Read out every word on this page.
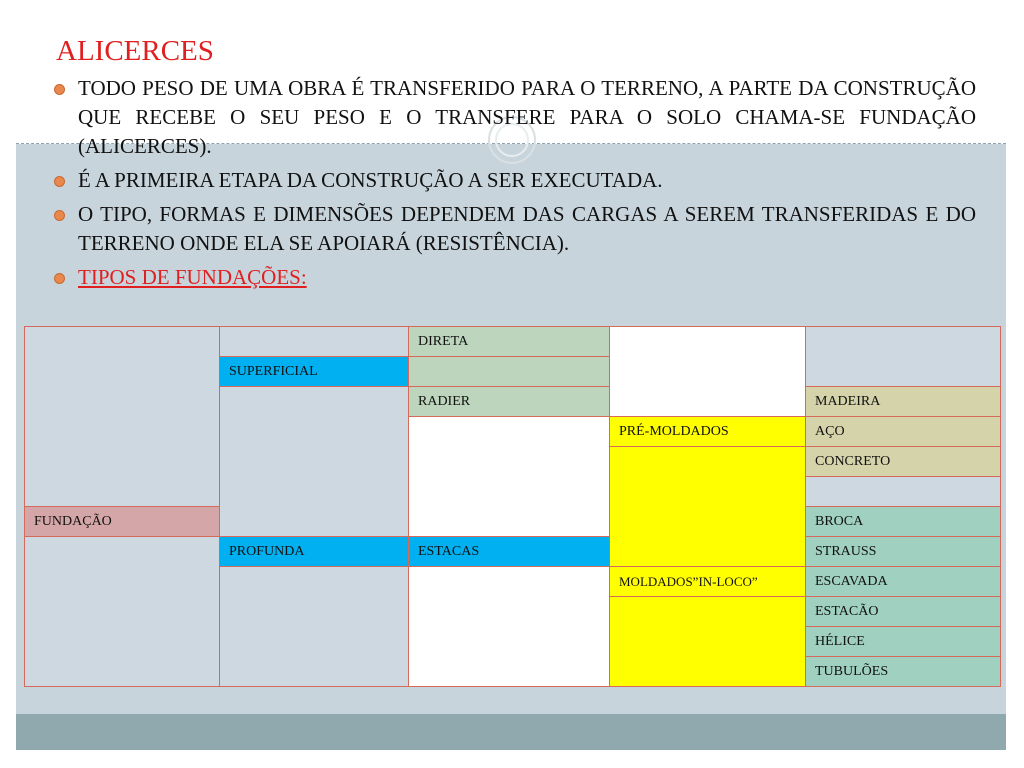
ALICERCES
TODO PESO DE UMA OBRA É TRANSFERIDO PARA O TERRENO, A PARTE DA CONSTRUÇÃO QUE RECEBE O SEU PESO E O TRANSFERE PARA O SOLO CHAMA-SE FUNDAÇÃO (ALICERCES).
É A PRIMEIRA ETAPA DA CONSTRUÇÃO A SER EXECUTADA.
O TIPO, FORMAS E DIMENSÕES DEPENDEM DAS CARGAS A SEREM TRANSFERIDAS E DO TERRENO ONDE ELA SE APOIARÁ (RESISTÊNCIA).
TIPOS DE FUNDAÇÕES:
		DIRETA		
	SUPERFICIAL			
		RADIER		MADEIRA
			PRÉ-MOLDADOS	AÇO
				CONCRETO

FUNDAÇÃO				BROCA
	PROFUNDA	ESTACAS		STRAUSS
			MOLDADOS”IN-LOCO”	ESCAVADA
				ESTACÃO
				HÉLICE
				TUBULÕES
